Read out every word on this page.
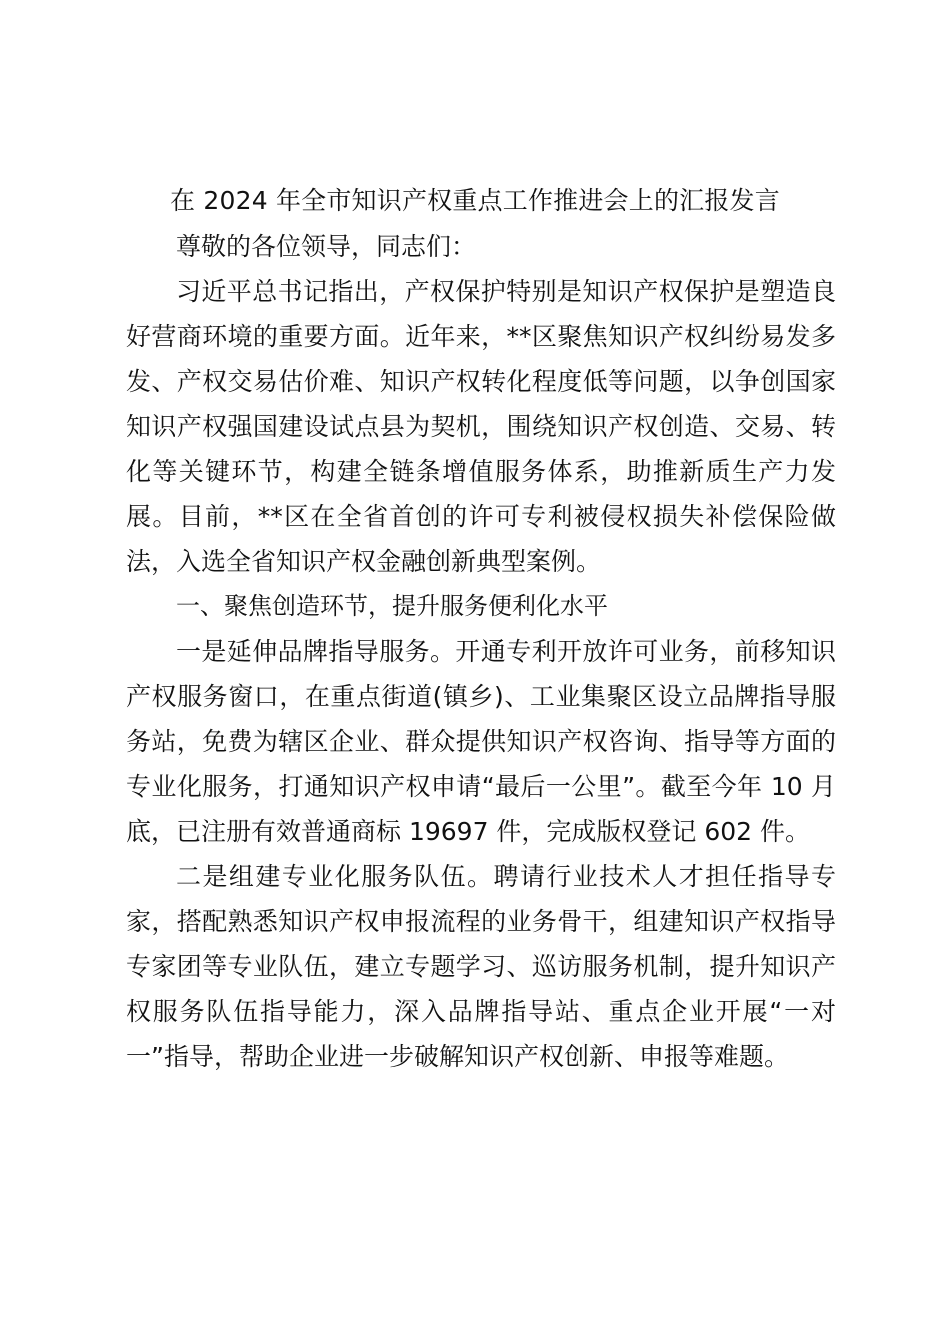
在 2024 年全市知识产权重点工作推进会上的汇报发言

尊敬的各位领导，同志们：

习近平总书记指出，产权保护特别是知识产权保护是塑造良好营商环境的重要方面。近年来，**区聚焦知识产权纠纷易发多发、产权交易估价难、知识产权转化程度低等问题，以争创国家知识产权强国建设试点县为契机，围绕知识产权创造、交易、转化等关键环节，构建全链条增值服务体系，助推新质生产力发展。目前，**区在全省首创的许可专利被侵权损失补偿保险做法，入选全省知识产权金融创新典型案例。

一、聚焦创造环节，提升服务便利化水平

一是延伸品牌指导服务。开通专利开放许可业务，前移知识产权服务窗口，在重点街道(镇乡)、工业集聚区设立品牌指导服务站，免费为辖区企业、群众提供知识产权咨询、指导等方面的专业化服务，打通知识产权申请“最后一公里”。截至今年 10 月底，已注册有效普通商标 19697 件，完成版权登记 602 件。

二是组建专业化服务队伍。聘请行业技术人才担任指导专家，搭配熟悉知识产权申报流程的业务骨干，组建知识产权指导专家团等专业队伍，建立专题学习、巡访服务机制，提升知识产权服务队伍指导能力，深入品牌指导站、重点企业开展“一对一”指导，帮助企业进一步破解知识产权创新、申报等难题。
